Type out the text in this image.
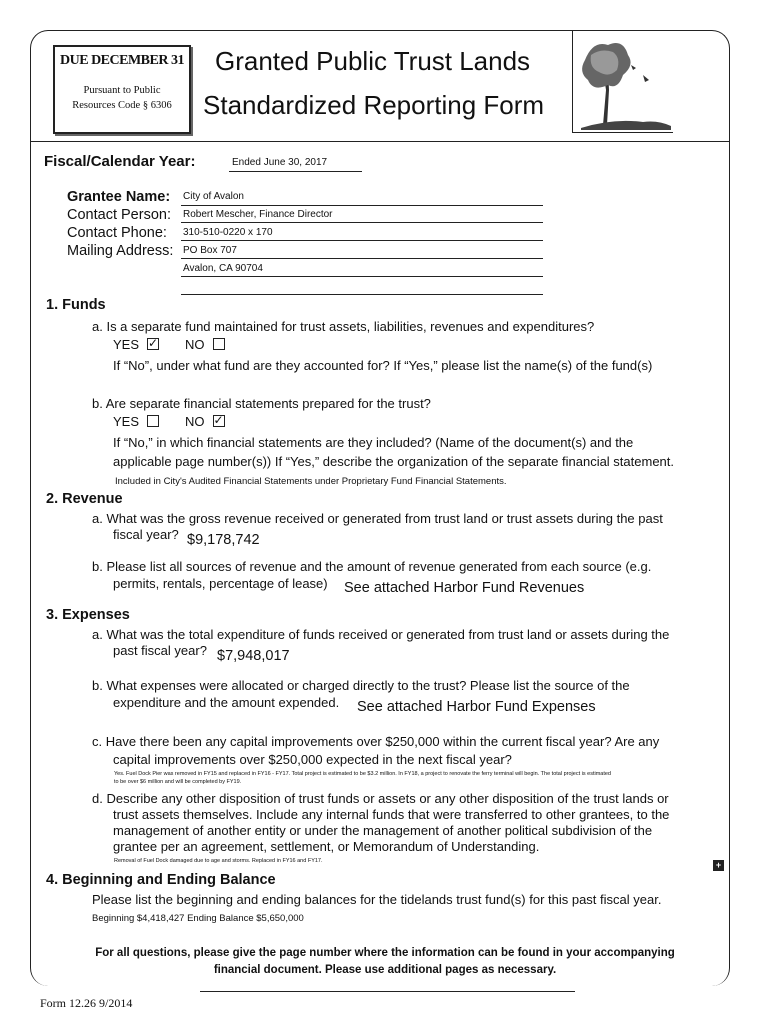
DUE DECEMBER 31
Pursuant to Public
Resources Code § 6306
Granted Public Trust Lands
Standardized Reporting Form
Fiscal/Calendar Year:	Ended June 30, 2017
Grantee Name: City of Avalon
Contact Person: Robert Mescher, Finance Director
Contact Phone: 310-510-0220 x 170
Mailing Address: PO Box 707
Avalon, CA 90704
1. Funds
a. Is a separate fund maintained for trust assets, liabilities, revenues and expenditures?
YES✓	NO
If “No”, under what fund are they accounted for? If “Yes,” please list the name(s) of the fund(s)
b. Are separate financial statements prepared for the trust?
YES	NO✓
If “No,” in which financial statements are they included? (Name of the document(s) and the
applicable page number(s)) If “Yes,” describe the organization of the separate financial statement.
Included in City's Audited Financial Statements under Proprietary Fund Financial Statements.
2. Revenue
a. What was the gross revenue received or generated from trust land or trust assets during the past
fiscal year? $9,178,742
b. Please list all sources of revenue and the amount of revenue generated from each source (e.g.
permits, rentals, percentage of lease) See attached Harbor Fund Revenues
3. Expenses
a. What was the total expenditure of funds received or generated from trust land or assets during the
past fiscal year? $7,948,017
b. What expenses were allocated or charged directly to the trust? Please list the source of the
expenditure and the amount expended. See attached Harbor Fund Expenses
c. Have there been any capital improvements over $250,000 within the current fiscal year? Are any
capital improvements over $250,000 expected in the next fiscal year?
Yes. Fuel Dock Pier was removed in FY15 and replaced in FY16 - FY17. Total project is estimated to be $3.2 million. In FY18, a project to renovate the ferry terminal will begin. The total project is estimated
to be over $6 million and will be completed by FY19.
d. Describe any other disposition of trust funds or assets or any other disposition of the trust lands or
trust assets themselves. Include any internal funds that were transferred to other grantees, to the
management of another entity or under the management of another political subdivision of the
grantee per an agreement, settlement, or Memorandum of Understanding.
Removal of Fuel Dock damaged due to age and storms. Replaced in FY16 and FY17.	+
4. Beginning and Ending Balance
Please list the beginning and ending balances for the tidelands trust fund(s) for this past fiscal year.
Beginning $4,418,427 Ending Balance $5,650,000
For all questions, please give the page number where the information can be found in your accompanying
financial document. Please use additional pages as necessary.
Form 12.26 9/2014
